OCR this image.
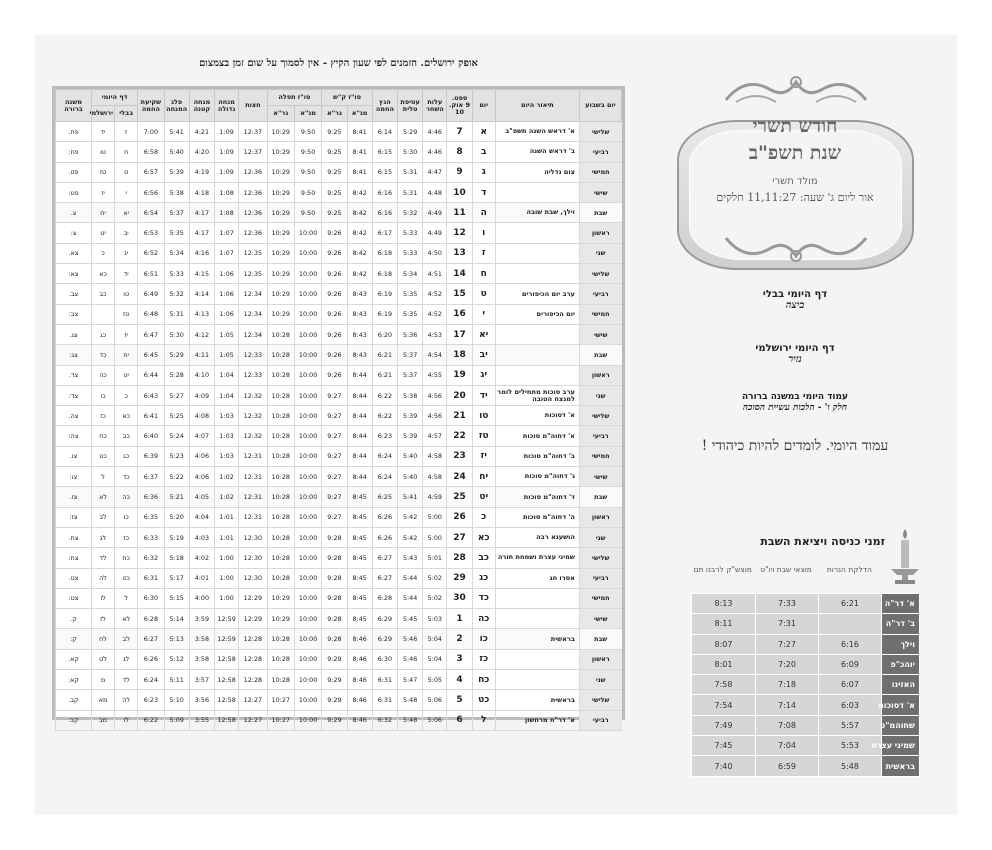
אופק ירושלים. הזמנים לפי שעון הקיץ - אין לסמוך על שום זמן בצמצום
יום בשבוע	תיאור היום	יום	ספט. 9 אוק. 10	עלות השחר	עטיפת טלית	הנץ החמה	סו"ז ק"ש		סו"ז תפלה		חצות	מנחה גדולה	מנחה קטנה	פלג המנחה	שקיעת החמה	דף היומי		משנה ברורה
							מג"א	גר"א	מג"א	גר"א						בבלי	ירושלמי	
שלישי	א' דראש השנה תשפ"ב	א	7	4:46	5:29	6:14	8:41	9:25	9:50	10:29	12:37	1:09	4:21	5:41	7:00	ז	יד	פח.
רביעי	ב' דראש השנה	ב	8	4:46	5:30	6:15	8:41	9:25	9:50	10:29	12:37	1:09	4:20	5:40	6:58	ח	טו	פח:
חמישי	צום גדליה	ג	9	4:47	5:31	6:15	8:41	9:25	9:50	10:29	12:36	1:09	4:19	5:39	6:57	ט	טז	פט.
שישי		ד	10	4:48	5:31	6:16	8:42	9:25	9:50	10:29	12:36	1:08	4:18	5:38	6:56	י	יז	פט:
שבת	וילך, שבת שובה	ה	11	4:49	5:32	6:16	8:42	9:25	9:50	10:29	12:36	1:08	4:17	5:37	6:54	יא	יח	צ.
ראשון		ו	12	4:49	5:33	6:17	8:42	9:26	10:00	10:29	12:36	1:07	4:17	5:35	6:53	יב	יט	צ:
שני		ז	13	4:50	5:33	6:18	8:42	9:26	10:00	10:29	12:35	1:07	4:16	5:34	6:52	יג	כ	צא.
שלישי		ח	14	4:51	5:34	6:18	8:42	9:26	10:00	10:29	12:35	1:06	4:15	5:33	6:51	יד	כא	צא:
רביעי	ערב יום הכיפורים	ט	15	4:52	5:35	6:19	8:43	9:26	10:00	10:29	12:34	1:06	4:14	5:32	6:49	טו	כב	צב.
חמישי	יום הכיפורים	י	16	4:52	5:35	6:19	8:43	9:26	10:00	10:29	12:34	1:06	4:13	5:31	6:48	טז		צב:
שישי		יא	17	4:53	5:36	6:20	8:43	9:26	10:00	10:28	12:34	1:05	4:12	5:30	6:47	יז	כג	צג.
שבת		יב	18	4:54	5:37	6:21	8:43	9:26	10:00	10:28	12:33	1:05	4:11	5:29	6:45	יח	כד	צג:
ראשון		יג	19	4:55	5:37	6:21	8:44	9:26	10:00	10:28	12:33	1:04	4:10	5:28	6:44	יט	כה	צד.
שני	ערב סוכות מתחילים לומר למנצח הטובה	יד	20	4:56	5:38	6:22	8:44	9:27	10:00	10:28	12:32	1:04	4:09	5:27	6:43	כ	כו	צד:
שלישי	א' דסוכות	טו	21	4:56	5:39	6:22	8:44	9:27	10:00	10:28	12:32	1:03	4:08	5:25	6:41	כא	כז	צה.
רביעי	א' דחוה"מ סוכות	טז	22	4:57	5:39	6:23	8:44	9:27	10:00	10:28	12:32	1:03	4:07	5:24	6:40	כב	כח	צה:
חמישי	ב' דחוה"מ סוכות	יז	23	4:58	5:40	6:24	8:44	9:27	10:00	10:28	12:31	1:03	4:06	5:23	6:39	כג	כט	צו.
שישי	ג' דחוה"מ סוכות	יח	24	4:58	5:40	6:24	8:44	9:27	10:00	10:28	12:31	1:02	4:06	5:22	6:37	כד	ל	צו:
שבת	ד' דחוה"מ סוכות	יט	25	4:59	5:41	6:25	8:45	9:27	10:00	10:28	12:31	1:02	4:05	5:21	6:36	כה	לא	צז.
ראשון	ה' דחוה"מ סוכות	כ	26	5:00	5:42	6:26	8:45	9:27	10:00	10:28	12:31	1:01	4:04	5:20	6:35	כו	לב	צז:
שני	הושענא רבה	כא	27	5:00	5:42	6:26	8:45	9:28	10:00	10:28	12:30	1:01	4:03	5:19	6:33	כז	לג	צח.
שלישי	שמיני עצרת ושמחת תורה	כב	28	5:01	5:43	6:27	8:45	9:28	10:00	10:28	12:30	1:00	4:02	5:18	6:32	כח	לד	צח:
רביעי	אסרו חג	כג	29	5:02	5:44	6:27	8:45	9:28	10:00	10:28	12:30	1:00	4:01	5:17	6:31	כט	לה	צט.
חמישי		כד	30	5:02	5:44	6:28	8:45	9:28	10:00	10:29	12:29	1:00	4:00	5:15	6:30	ל	לו	צט:
שישי		כה	1	5:03	5:45	6:29	8:45	9:28	10:00	10:29	12:29	12:59	3:59	5:14	6:28	לא	לז	ק.
שבת	בראשית	כו	2	5:04	5:46	6:29	8:46	9:28	10:00	10:28	12:28	12:59	3:58	5:13	6:27	לב	לח	ק:
ראשון		כז	3	5:04	5:46	6:30	8:46	9:29	10:00	10:28	12:28	12:58	3:58	5:12	6:26	לג	לט	קא.
שני		כח	4	5:05	5:47	6:31	8:46	9:29	10:00	10:28	12:28	12:58	3:57	5:11	6:24	לד	מ	קא:
שלישי	בראשית	כט	5	5:06	5:48	6:31	8:46	9:29	10:00	10:27	12:27	12:58	3:56	5:10	6:23	לה	מא	קב.
רביעי	א' דר"ח מרחשון	ל	6	5:06	5:48	6:32	8:46	9:29	10:00	10:27	12:27	12:58	3:55	5:09	6:22	לו	מב	קב:
חודש תשרי
שנת תשפ"ב
מולד תשרי
אור ליום ג' שעה: 11,11:27 חלקים
דף היומי בבלי
ביצה
דף היומי ירושלמי
נזיר
עמוד היומי במשנה ברורה
חלק ו' - הלכות עשיית הסוכה
עמוד היומי. לומדים להיות כיהודי !
זמני כניסה ויציאת השבת
הדלקת הנרות
מוצאי שבת ויו"ט
מוצש"ק לרבנו תם
א' דר"ה	6:21	7:33	8:13
ב' דר"ה		7:31	8:11
וילך	6:16	7:27	8:07
יוהכ"פ	6:09	7:20	8:01
האזינו	6:07	7:18	7:58
א' דסוכות	6:03	7:14	7:54
שחוהמ"ס	5:57	7:08	7:49
שמיני עצרת	5:53	7:04	7:45
בראשית	5:48	6:59	7:40
